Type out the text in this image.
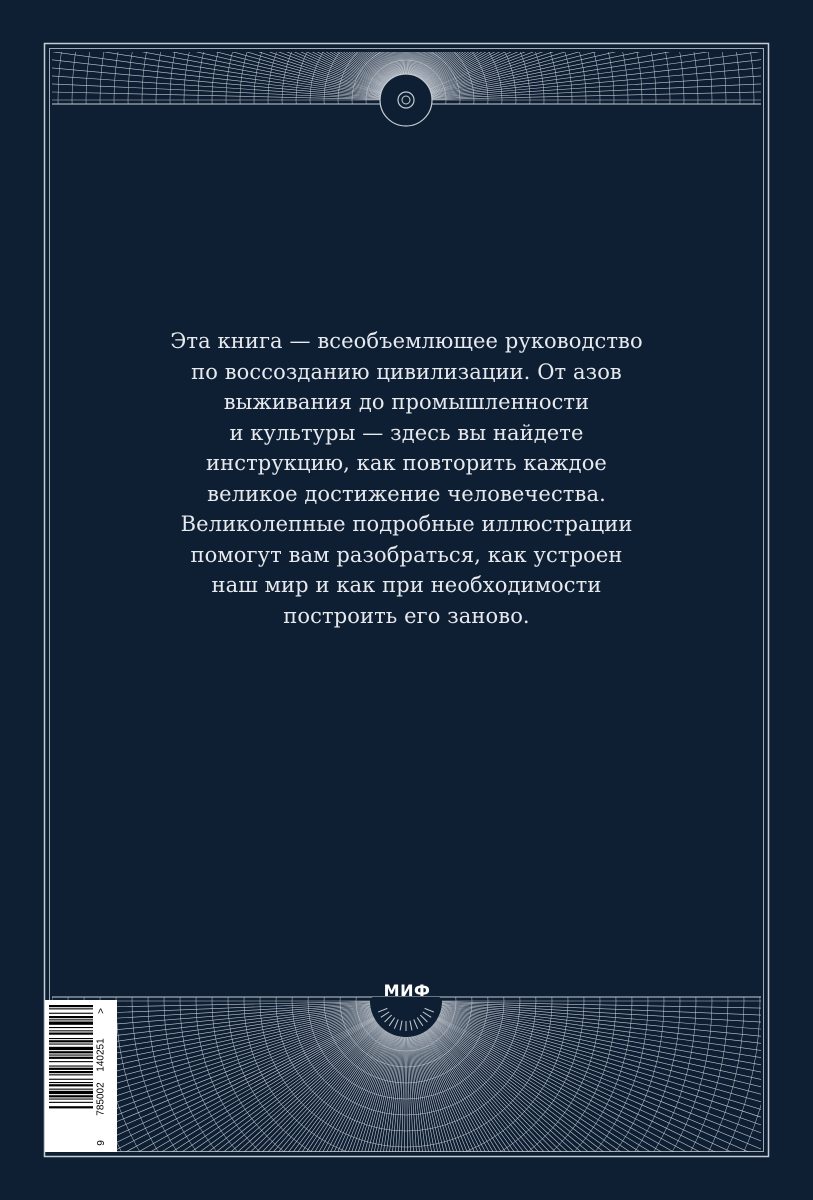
Эта книга — всеобъемлющее руководство
по воссозданию цивилизации. От азов
выживания до промышленности
и культуры — здесь вы найдете
инструкцию, как повторить каждое
великое достижение человечества.
Великолепные подробные иллюстрации
помогут вам разобраться, как устроен
наш мир и как при необходимости
построить его заново.
МИФ
9
785002
140251
>
